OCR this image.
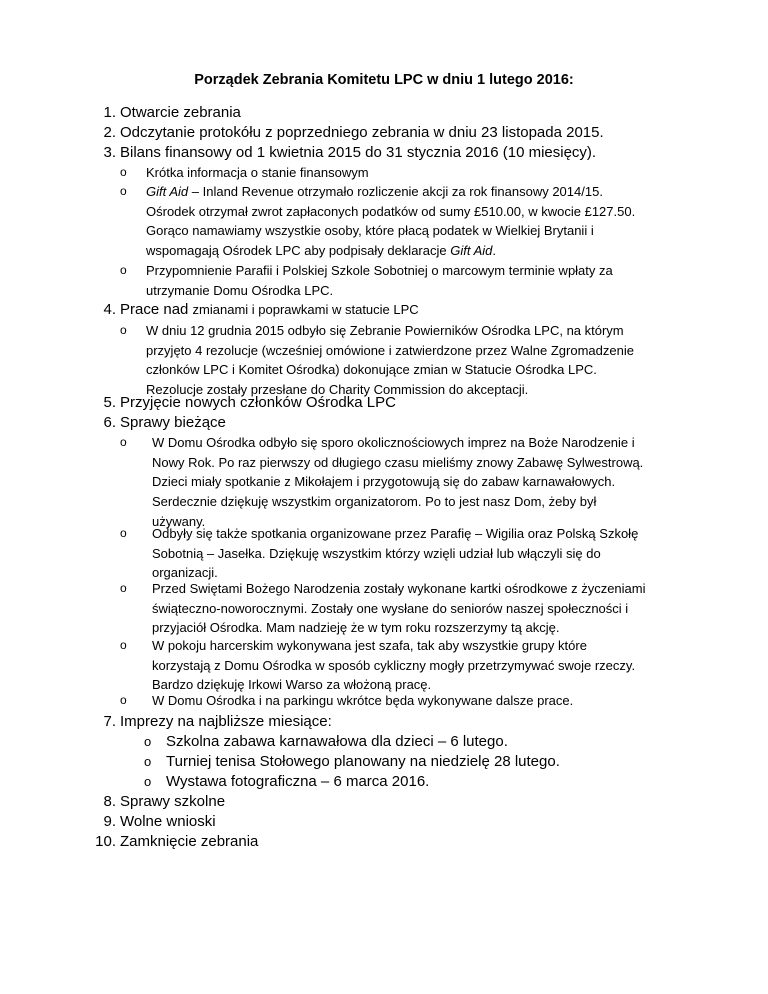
Porządek Zebrania Komitetu LPC w dniu 1 lutego 2016:
1. Otwarcie zebrania
2. Odczytanie protokółu z poprzedniego zebrania w dniu 23 listopada 2015.
3. Bilans finansowy od 1 kwietnia 2015 do 31 stycznia 2016 (10 miesięcy).
o Krótka informacja o stanie finansowym
o Gift Aid – Inland Revenue otrzymało rozliczenie akcji za rok finansowy 2014/15.
Ośrodek otrzymał zwrot zapłaconych podatków od sumy £510.00, w kwocie £127.50.
Gorąco namawiamy wszystkie osoby, które płacą podatek w Wielkiej Brytanii i
wspomagają Ośrodek LPC aby podpisały deklaracje Gift Aid.
o Przypomnienie Parafii i Polskiej Szkole Sobotniej o marcowym terminie wpłaty za
utrzymanie Domu Ośrodka LPC.
4. Prace nad zmianami i poprawkami w statucie LPC
o W dniu 12 grudnia 2015 odbyło się Zebranie Powierników Ośrodka LPC, na którym
przyjęto 4 rezolucje (wcześniej omówione i zatwierdzone przez Walne Zgromadzenie
członków LPC i Komitet Ośrodka) dokonujące zmian w Statucie Ośrodka LPC.
Rezolucje zostały przesłane do Charity Commission do akceptacji.
5. Przyjęcie nowych członków Ośrodka LPC
6. Sprawy bieżące
o W Domu Ośrodka odbyło się sporo okolicznościowych imprez na Boże Narodzenie i
Nowy Rok. Po raz pierwszy od długiego czasu mieliśmy znowy Zabawę Sylwestrową.
Dzieci miały spotkanie z Mikołajem i przygotowują się do zabaw karnawałowych.
Serdecznie dziękuję wszystkim organizatorom. Po to jest nasz Dom, żeby był
używany.
o Odbyły się także spotkania organizowane przez Parafię – Wigilia oraz Polską Szkołę
Sobotnią – Jasełka. Dziękuję wszystkim którzy wzięli udział lub włączyli się do
organizacji.
o Przed Swiętami Bożego Narodzenia zostały wykonane kartki ośrodkowe z życzeniami
świąteczno-noworocznymi. Zostały one wysłane do seniorów naszej społeczności i
przyjaciół Ośrodka. Mam nadzieję że w tym roku rozszerzymy tą akcję.
o W pokoju harcerskim wykonywana jest szafa, tak aby wszystkie grupy które
korzystają z Domu Ośrodka w sposób cykliczny mogły przetrzymywać swoje rzeczy.
Bardzo dziękuję Irkowi Warso za włożoną pracę.
o W Domu Ośrodka i na parkingu wkrótce będa wykonywane dalsze prace.
7. Imprezy na najbliższe miesiące:
o Szkolna zabawa karnawałowa dla dzieci – 6 lutego.
o Turniej tenisa Stołowego planowany na niedzielę 28 lutego.
o Wystawa fotograficzna – 6 marca 2016.
8. Sprawy szkolne
9. Wolne wnioski
10. Zamknięcie zebrania
